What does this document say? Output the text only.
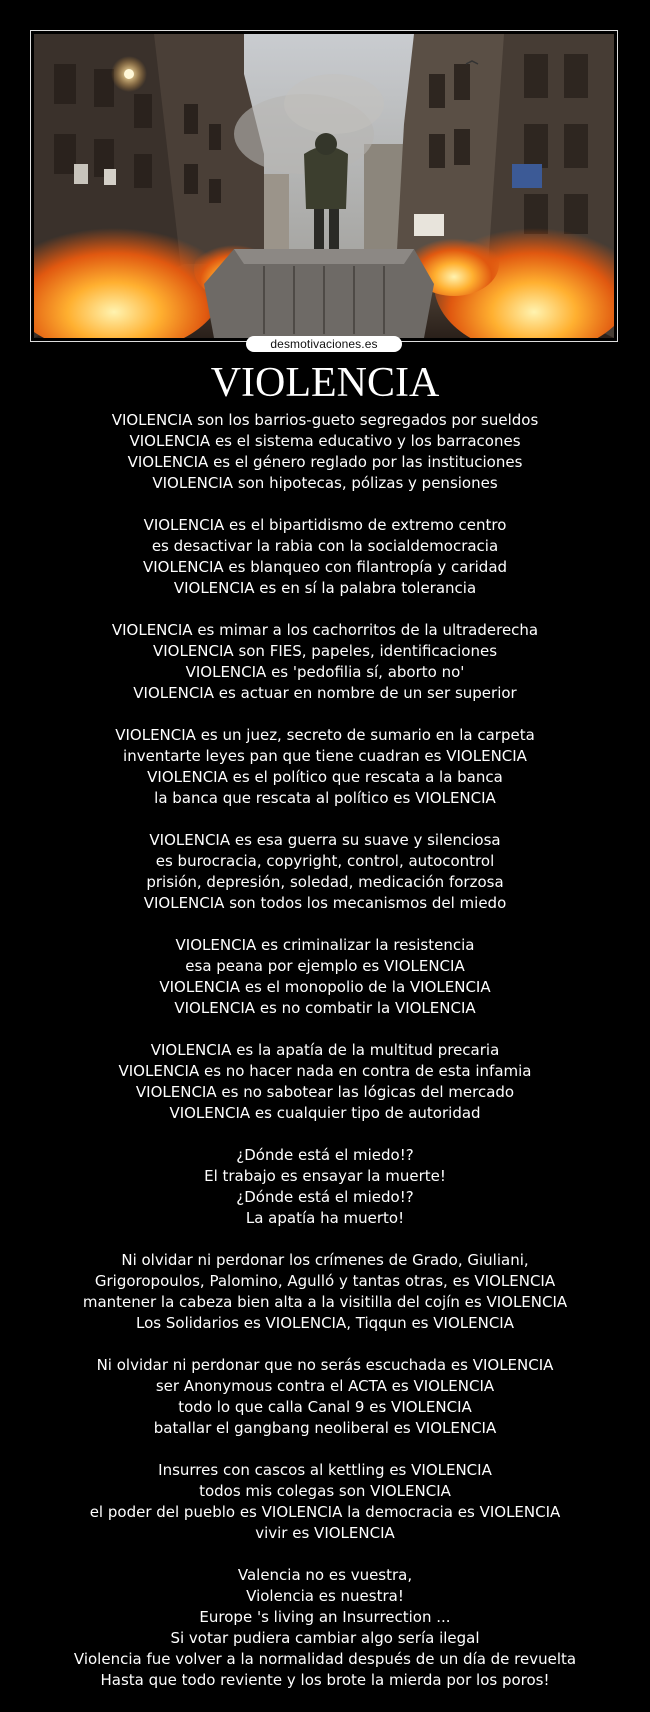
desmotivaciones.es
VIOLENCIA
VIOLENCIA son los barrios-gueto segregados por sueldos
VIOLENCIA es el sistema educativo y los barracones
VIOLENCIA es el género reglado por las instituciones
VIOLENCIA son hipotecas, pólizas y pensiones
VIOLENCIA es el bipartidismo de extremo centro
es desactivar la rabia con la socialdemocracia
VIOLENCIA es blanqueo con filantropía y caridad
VIOLENCIA es en sí la palabra tolerancia
VIOLENCIA es mimar a los cachorritos de la ultraderecha
VIOLENCIA son FIES, papeles, identificaciones
VIOLENCIA es 'pedofilia sí, aborto no'
VIOLENCIA es actuar en nombre de un ser superior
VIOLENCIA es un juez, secreto de sumario en la carpeta
inventarte leyes pan que tiene cuadran es VIOLENCIA
VIOLENCIA es el político que rescata a la banca
la banca que rescata al político es VIOLENCIA
VIOLENCIA es esa guerra su suave y silenciosa
es burocracia, copyright, control, autocontrol
prisión, depresión, soledad, medicación forzosa
VIOLENCIA son todos los mecanismos del miedo
VIOLENCIA es criminalizar la resistencia
esa peana por ejemplo es VIOLENCIA
VIOLENCIA es el monopolio de la VIOLENCIA
VIOLENCIA es no combatir la VIOLENCIA
VIOLENCIA es la apatía de la multitud precaria
VIOLENCIA es no hacer nada en contra de esta infamia
VIOLENCIA es no sabotear las lógicas del mercado
VIOLENCIA es cualquier tipo de autoridad
¿Dónde está el miedo!?
El trabajo es ensayar la muerte!
¿Dónde está el miedo!?
La apatía ha muerto!
Ni olvidar ni perdonar los crímenes de Grado, Giuliani,
Grigoropoulos, Palomino, Agulló y tantas otras, es VIOLENCIA
mantener la cabeza bien alta a la visitilla del cojín es VIOLENCIA
Los Solidarios es VIOLENCIA, Tiqqun es VIOLENCIA
Ni olvidar ni perdonar que no serás escuchada es VIOLENCIA
ser Anonymous contra el ACTA es VIOLENCIA
todo lo que calla Canal 9 es VIOLENCIA
batallar el gangbang neoliberal es VIOLENCIA
Insurres con cascos al kettling es VIOLENCIA
todos mis colegas son VIOLENCIA
el poder del pueblo es VIOLENCIA la democracia es VIOLENCIA
vivir es VIOLENCIA
Valencia no es vuestra,
Violencia es nuestra!
Europe 's living an Insurrection ...
Si votar pudiera cambiar algo sería ilegal
Violencia fue volver a la normalidad después de un día de revuelta
Hasta que todo reviente y los brote la mierda por los poros!
